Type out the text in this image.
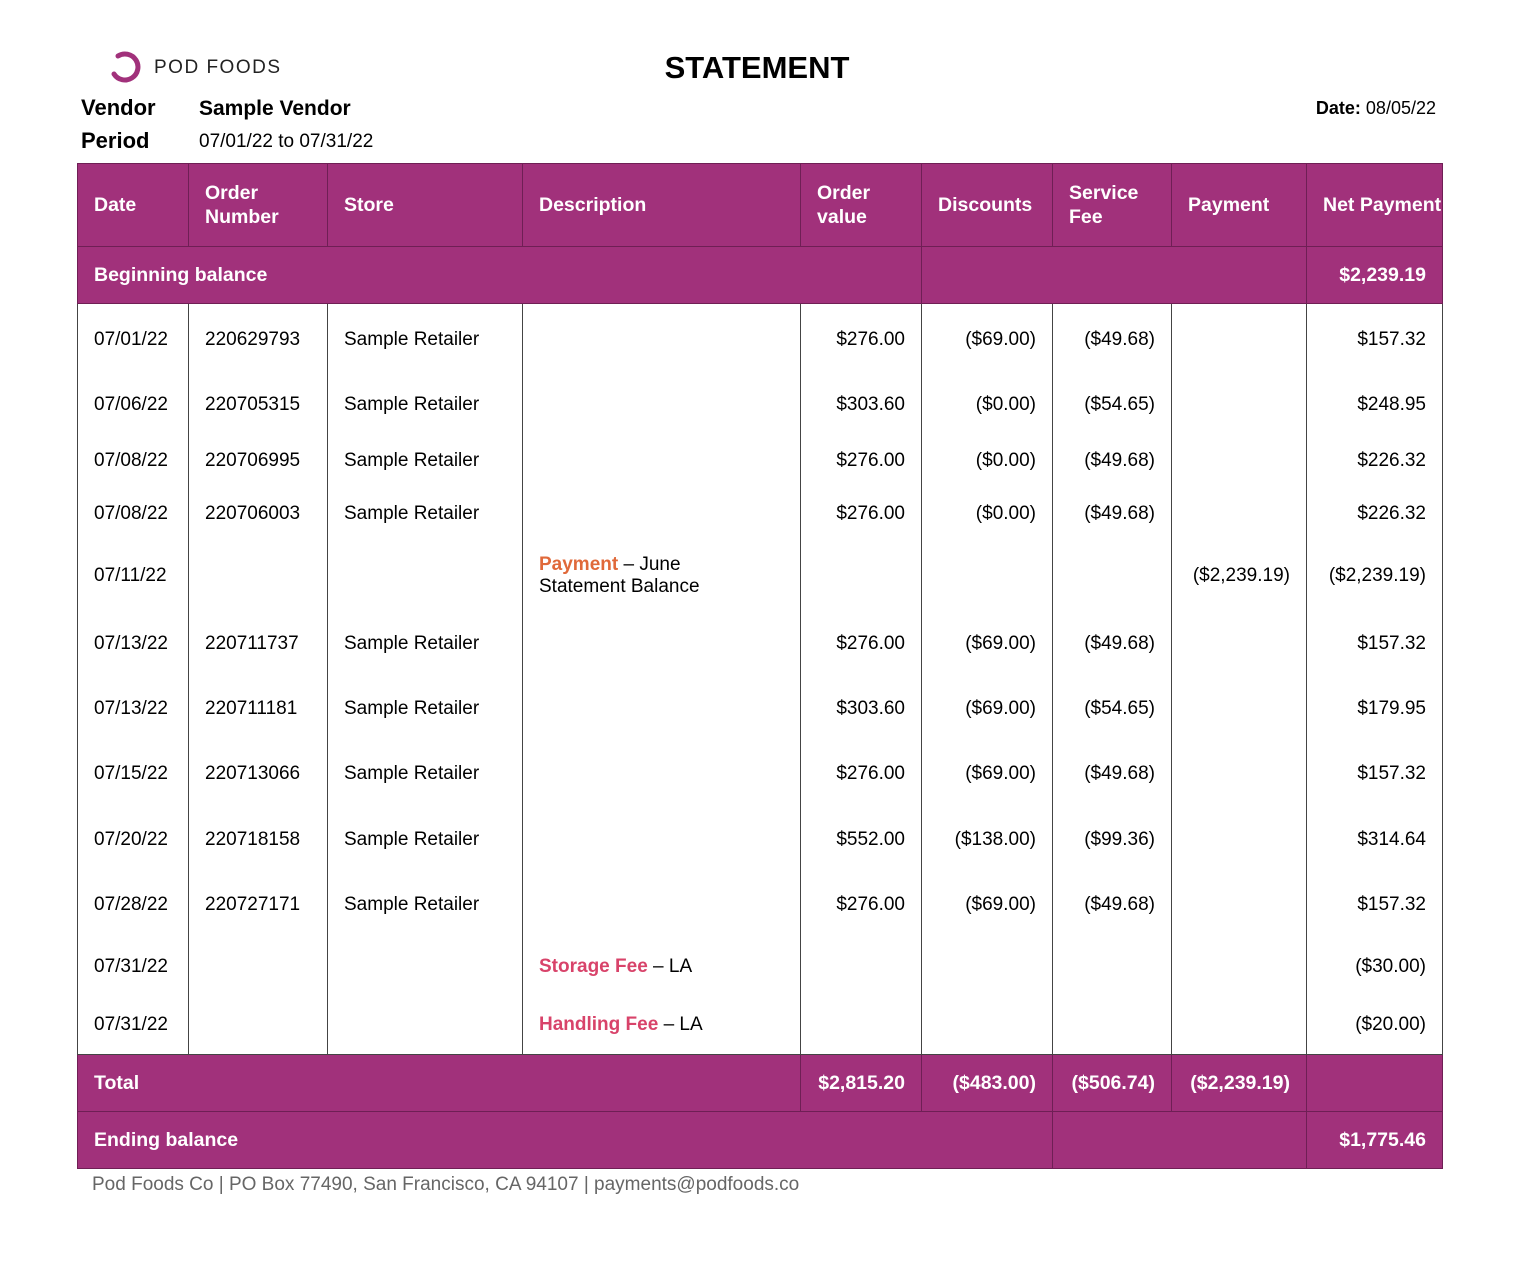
POD FOODS	STATEMENT
Vendor Sample Vendor
Period	07/01/22 to 07/31/22
Date: 08/05/22
Date	Order Number	Store	Description	Order value	Discounts	Service Fee	Payment	Net Payment
Beginning balance								$2,239.19
07/01/22	220629793	Sample Retailer		$276.00	($69.00)	($49.68)		$157.32
07/06/22	220705315	Sample Retailer		$303.60	($0.00)	($54.65)		$248.95
07/08/22	220706995	Sample Retailer		$276.00	($0.00)	($49.68)		$226.32
07/08/22	220706003	Sample Retailer		$276.00	($0.00)	($49.68)		$226.32
07/11/22			Payment – June Statement Balance				($2,239.19)	($2,239.19)
07/13/22	220711737	Sample Retailer		$276.00	($69.00)	($49.68)		$157.32
07/13/22	220711181	Sample Retailer		$303.60	($69.00)	($54.65)		$179.95
07/15/22	220713066	Sample Retailer		$276.00	($69.00)	($49.68)		$157.32
07/20/22	220718158	Sample Retailer		$552.00	($138.00)	($99.36)		$314.64
07/28/22	220727171	Sample Retailer		$276.00	($69.00)	($49.68)		$157.32
07/31/22			Storage Fee – LA					($30.00)
07/31/22			Handling Fee – LA					($20.00)
Total				$2,815.20	($483.00)	($506.74)	($2,239.19)	
Ending balance								$1,775.46
Pod Foods Co | PO Box 77490, San Francisco, CA 94107 | payments@podfoods.co
